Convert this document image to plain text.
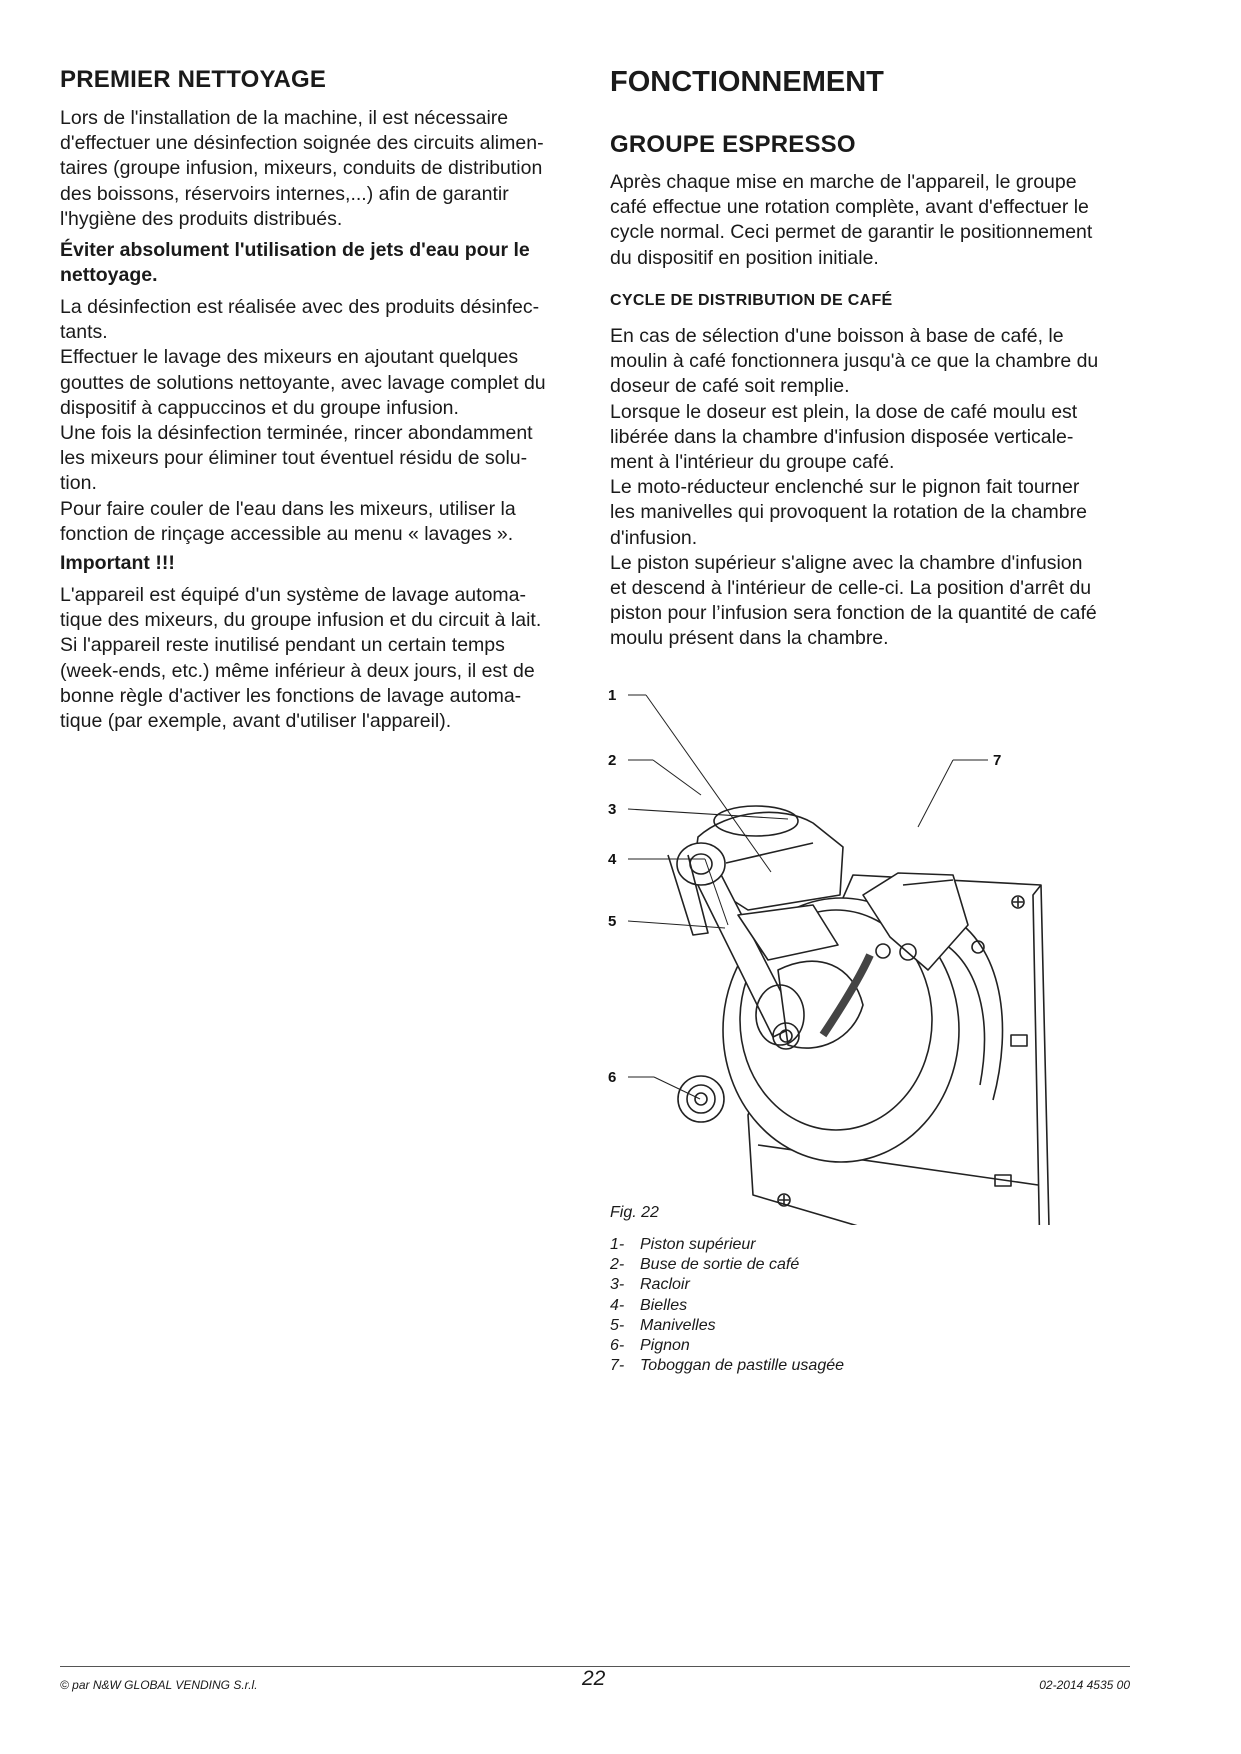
PREMIER NETTOYAGE

Lors de l'installation de la machine, il est nécessaire
d'effectuer une désinfection soignée des circuits alimen-
taires (groupe infusion, mixeurs, conduits de distribution
des boissons, réservoirs internes,...) afin de garantir
l'hygiène des produits distribués.

Éviter absolument l'utilisation de jets d'eau pour le
nettoyage.

La désinfection est réalisée avec des produits désinfec-
tants.
Effectuer le lavage des mixeurs en ajoutant quelques
gouttes de solutions nettoyante, avec lavage complet du
dispositif à cappuccinos et du groupe infusion.
Une fois la désinfection terminée, rincer abondamment
les mixeurs pour éliminer tout éventuel résidu de solu-
tion.
Pour faire couler de l'eau dans les mixeurs, utiliser la
fonction de rinçage accessible au menu « lavages ».

Important !!!

L'appareil est équipé d'un système de lavage automa-
tique des mixeurs, du groupe infusion et du circuit à lait.
Si l'appareil reste inutilisé pendant un certain temps
(week-ends, etc.) même inférieur à deux jours, il est de
bonne règle d'activer les fonctions de lavage automa-
tique (par exemple, avant d'utiliser l'appareil).

FONCTIONNEMENT
GROUPE ESPRESSO

Après chaque mise en marche de l'appareil, le groupe
café effectue une rotation complète, avant d'effectuer le
cycle normal. Ceci permet de garantir le positionnement
du dispositif en position initiale.

CYCLE DE DISTRIBUTION DE CAFÉ

En cas de sélection d'une boisson à base de café, le
moulin à café fonctionnera jusqu'à ce que la chambre du
doseur de café soit remplie.
Lorsque le doseur est plein, la dose de café moulu est
libérée dans la chambre d'infusion disposée verticale-
ment à l'intérieur du groupe café.
Le moto-réducteur enclenché sur le pignon fait tourner
les manivelles qui provoquent la rotation de la chambre
d'infusion.
Le piston supérieur s'aligne avec la chambre d'infusion
et descend à l'intérieur de celle-ci. La position d'arrêt du
piston pour l’infusion sera fonction de la quantité de café
moulu présent dans la chambre.

1
2
3
4
5
6
7
Fig. 22
1- Piston supérieur
2- Buse de sortie de café
3- Racloir
4- Bielles
5- Manivelles
6- Pignon
7- Toboggan de pastille usagée
© par N&W GLOBAL VENDING S.r.l.	22	02-2014 4535 00
